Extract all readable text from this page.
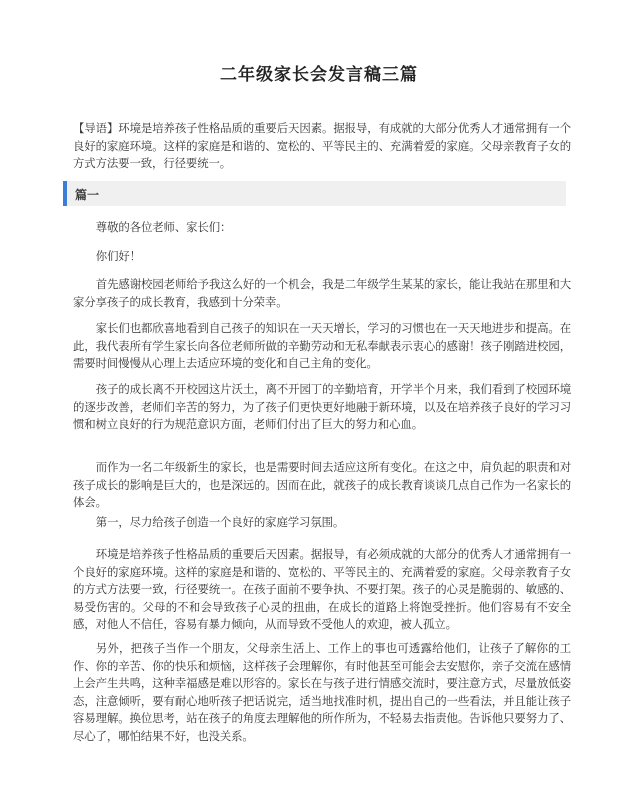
二年级家长会发言稿三篇
【导语】环境是培养孩子性格品质的重要后天因素。据报导，有成就的大部分优秀人才通常拥有一个良好的家庭环境。这样的家庭是和谐的、宽松的、平等民主的、充满着爱的家庭。父母亲教育子女的方式方法要一致，行径要统一。
篇一

尊敬的各位老师、家长们：

你们好！

首先感谢校园老师给予我这么好的一个机会，我是二年级学生某某的家长，能让我站在那里和大家分享孩子的成长教育，我感到十分荣幸。

家长们也都欣喜地看到自己孩子的知识在一天天增长，学习的习惯也在一天天地进步和提高。在此，我代表所有学生家长向各位老师所做的辛勤劳动和无私奉献表示衷心的感谢！孩子刚踏进校园，需要时间慢慢从心理上去适应环境的变化和自己主角的变化。

孩子的成长离不开校园这片沃土，离不开园丁的辛勤培育，开学半个月来，我们看到了校园环境的逐步改善，老师们辛苦的努力，为了孩子们更快更好地融于新环境，以及在培养孩子良好的学习习惯和树立良好的行为规范意识方面，老师们付出了巨大的努力和心血。

而作为一名二年级新生的家长，也是需要时间去适应这所有变化。在这之中，肩负起的职责和对孩子成长的影响是巨大的，也是深远的。因而在此，就孩子的成长教育谈谈几点自己作为一名家长的体会。

第一，尽力给孩子创造一个良好的家庭学习氛围。

环境是培养孩子性格品质的重要后天因素。据报导，有必须成就的大部分的优秀人才通常拥有一个良好的家庭环境。这样的家庭是和谐的、宽松的、平等民主的、充满着爱的家庭。父母亲教育子女的方式方法要一致，行径要统一。在孩子面前不要争执、不要打架。孩子的心灵是脆弱的、敏感的、易受伤害的。父母的不和会导致孩子心灵的扭曲，在成长的道路上将饱受挫折。他们容易有不安全感，对他人不信任，容易有暴力倾向，从而导致不受他人的欢迎，被人孤立。

另外，把孩子当作一个朋友，父母亲生活上、工作上的事也可透露给他们，让孩子了解你的工作、你的辛苦、你的快乐和烦恼，这样孩子会理解你，有时他甚至可能会去安慰你，亲子交流在感情上会产生共鸣，这种幸福感是难以形容的。家长在与孩子进行情感交流时，要注意方式，尽量放低姿态，注意倾听，要有耐心地听孩子把话说完，适当地找准时机，提出自己的一些看法，并且能让孩子容易理解。换位思考，站在孩子的角度去理解他的所作所为，不轻易去指责他。告诉他只要努力了、尽心了，哪怕结果不好，也没关系。
